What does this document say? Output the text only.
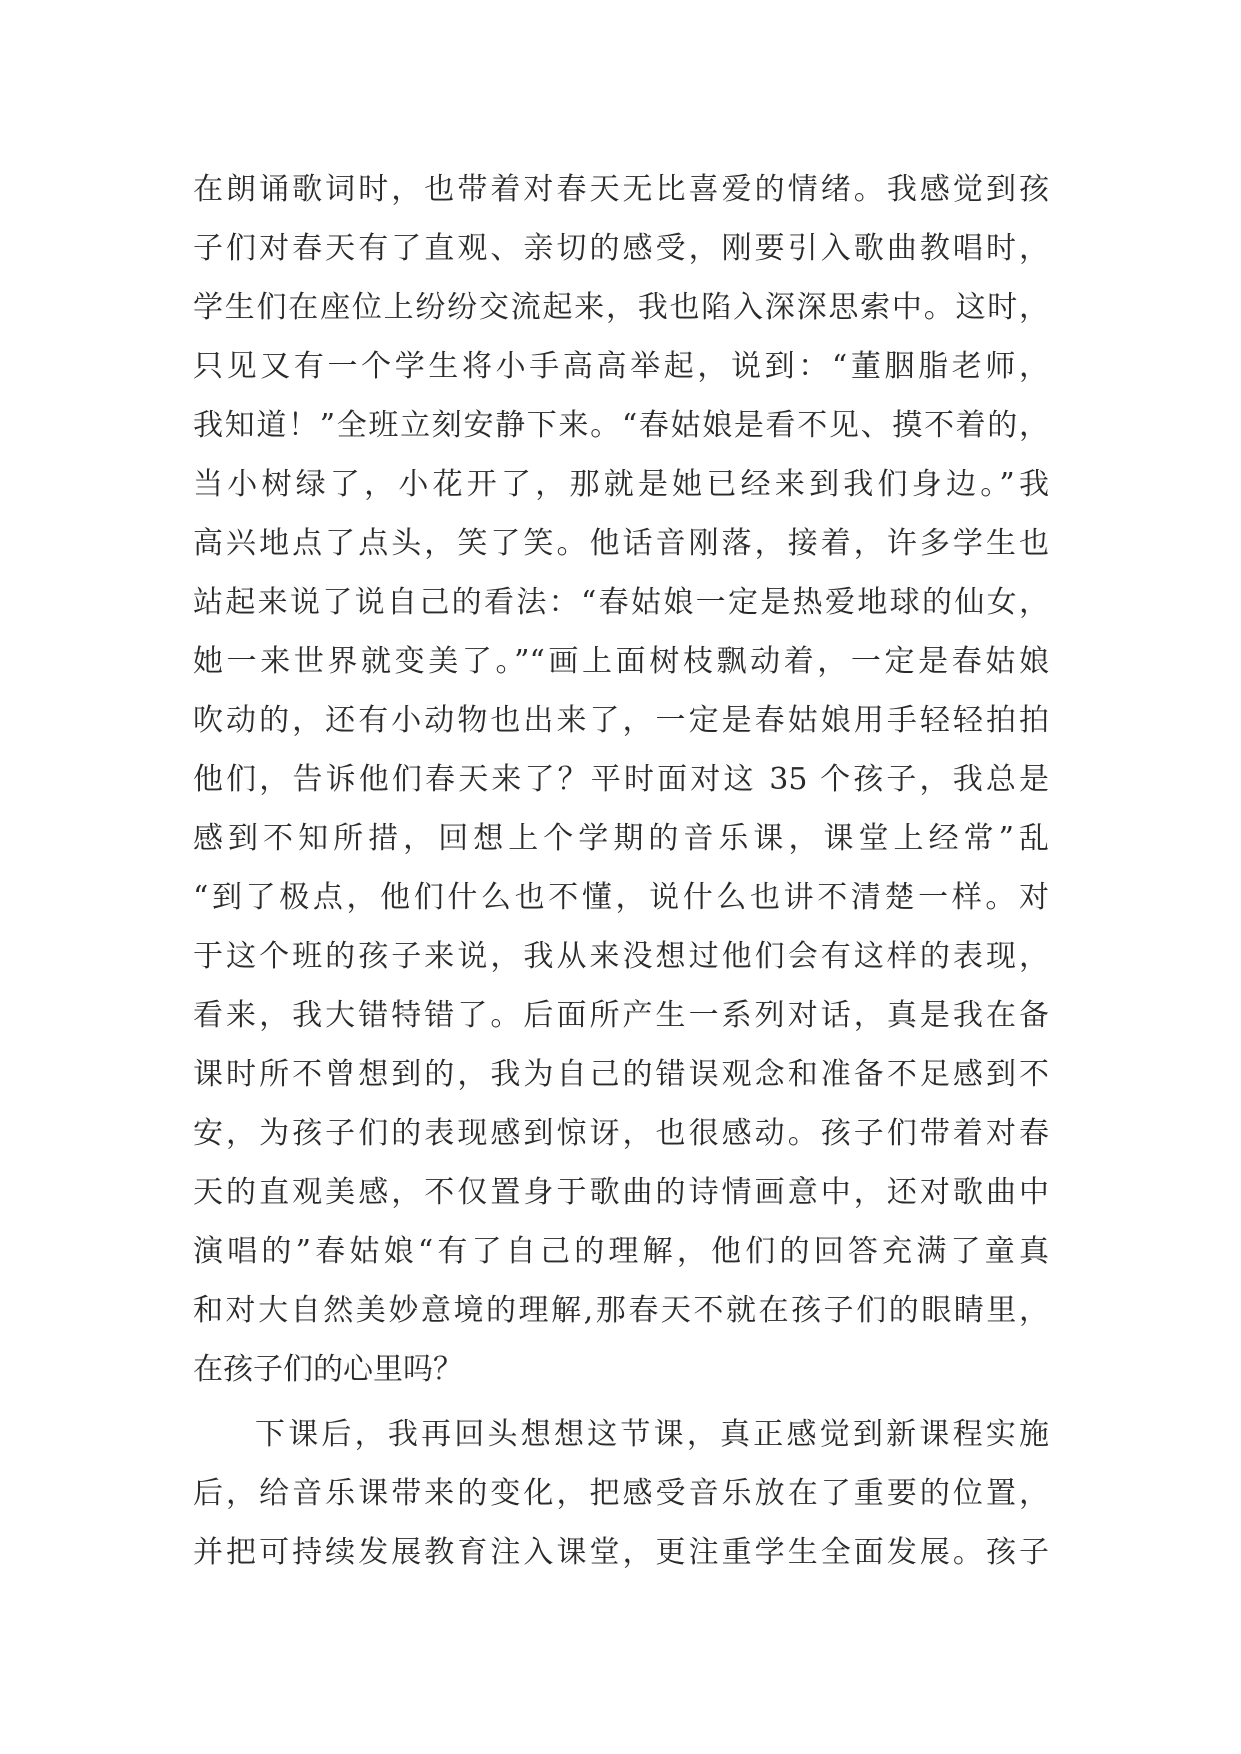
在朗诵歌词时，也带着对春天无比喜爱的情绪。我感觉到孩
子们对春天有了直观、亲切的感受，刚要引入歌曲教唱时，
学生们在座位上纷纷交流起来，我也陷入深深思索中。这时，
只见又有一个学生将小手高高举起，说到：“董胭脂老师，
我知道！”全班立刻安静下来。“春姑娘是看不见、摸不着的，
当小树绿了，小花开了，那就是她已经来到我们身边。”我
高兴地点了点头，笑了笑。他话音刚落，接着，许多学生也
站起来说了说自己的看法：“春姑娘一定是热爱地球的仙女，
她一来世界就变美了。”“画上面树枝飘动着，一定是春姑娘
吹动的，还有小动物也出来了，一定是春姑娘用手轻轻拍拍
他们，告诉他们春天来了？平时面对这 35 个孩子，我总是
感到不知所措，回想上个学期的音乐课，课堂上经常”乱
“到了极点，他们什么也不懂，说什么也讲不清楚一样。对
于这个班的孩子来说，我从来没想过他们会有这样的表现，
看来，我大错特错了。后面所产生一系列对话，真是我在备
课时所不曾想到的，我为自己的错误观念和准备不足感到不
安，为孩子们的表现感到惊讶，也很感动。孩子们带着对春
天的直观美感，不仅置身于歌曲的诗情画意中，还对歌曲中
演唱的”春姑娘“有了自己的理解，他们的回答充满了童真
和对大自然美妙意境的理解,那春天不就在孩子们的眼睛里，
在孩子们的心里吗？
下课后，我再回头想想这节课，真正感觉到新课程实施
后，给音乐课带来的变化，把感受音乐放在了重要的位置，
并把可持续发展教育注入课堂，更注重学生全面发展。孩子
